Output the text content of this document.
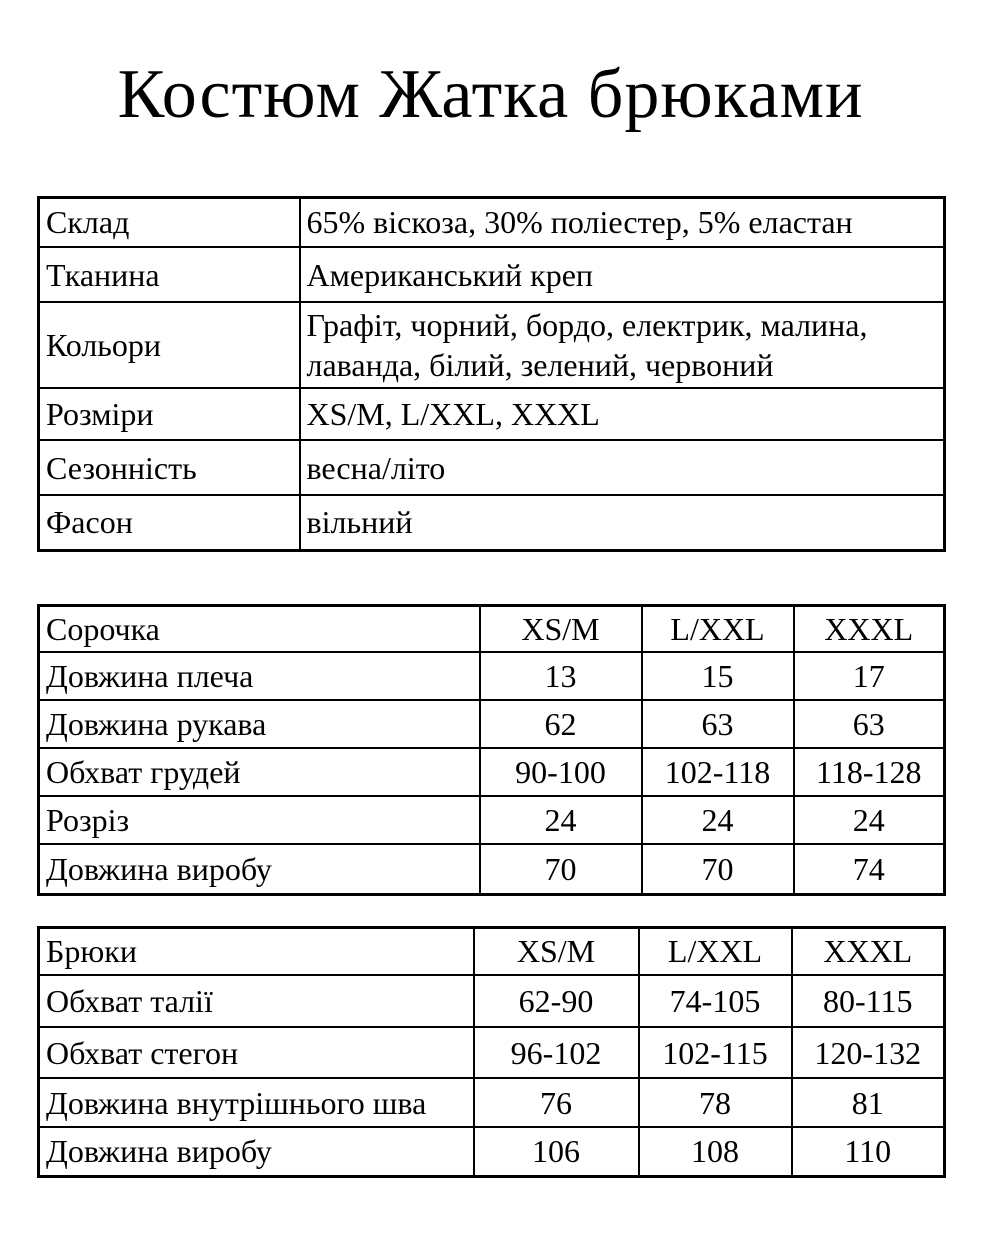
Костюм Жатка брюками
Склад	65% віскоза, 30% поліестер, 5% еластан
Тканина	Американський креп
Кольори	Графіт, чорний, бордо, електрик, малина, лаванда, білий, зелений, червоний
Розміри	XS/M, L/XXL, XXXL
Сезонність	весна/літо
Фасон	вільний
Сорочка	XS/M	L/XXL	XXXL
Довжина плеча	13	15	17
Довжина рукава	62	63	63
Обхват грудей	90-100	102-118	118-128
Розріз	24	24	24
Довжина виробу	70	70	74
Брюки	XS/M	L/XXL	XXXL
Обхват талії	62-90	74-105	80-115
Обхват стегон	96-102	102-115	120-132
Довжина внутрішнього шва	76	78	81
Довжина виробу	106	108	110
